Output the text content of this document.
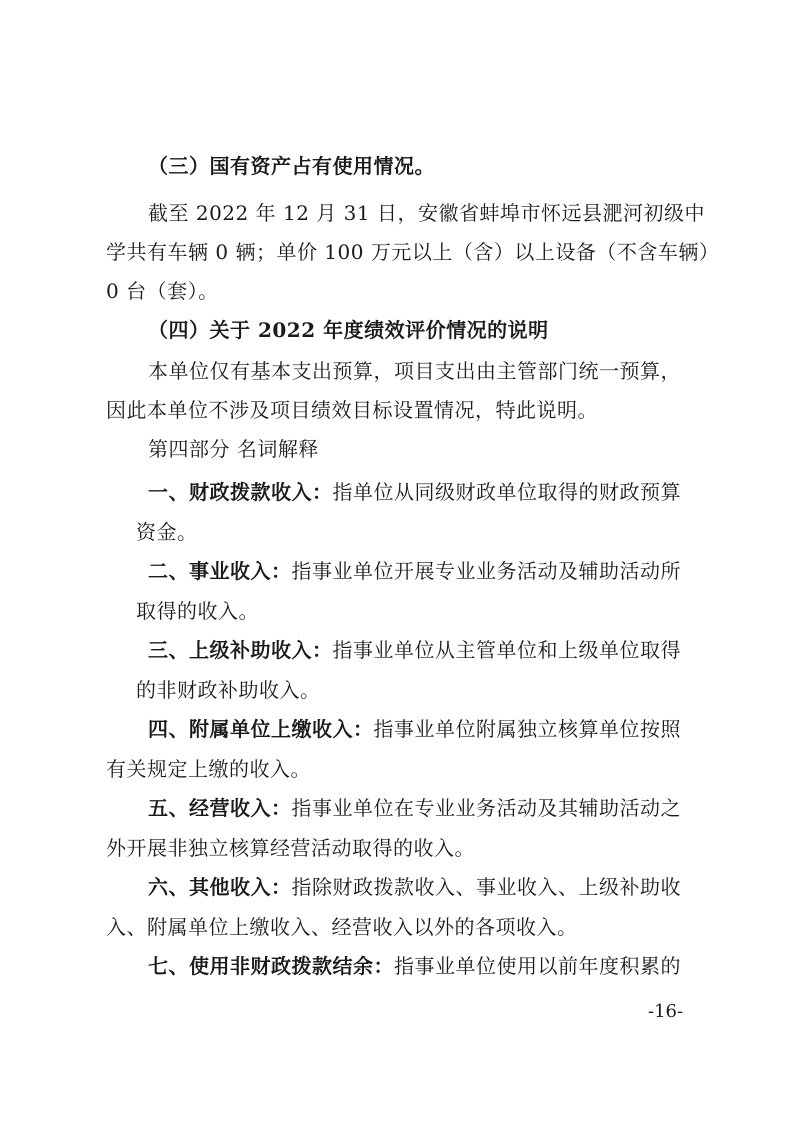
（三）国有资产占有使用情况。
截至 2022 年 12 月 31 日，安徽省蚌埠市怀远县淝河初级中
学共有车辆 0 辆；单价 100 万元以上（含）以上设备（不含车辆）
0 台（套）。
（四）关于 2022 年度绩效评价情况的说明
本单位仅有基本支出预算，项目支出由主管部门统一预算，
因此本单位不涉及项目绩效目标设置情况，特此说明。
第四部分 名词解释
一、财政拨款收入：指单位从同级财政单位取得的财政预算
资金。
二、事业收入：指事业单位开展专业业务活动及辅助活动所
取得的收入。
三、上级补助收入：指事业单位从主管单位和上级单位取得
的非财政补助收入。
四、附属单位上缴收入：指事业单位附属独立核算单位按照
有关规定上缴的收入。
五、经营收入：指事业单位在专业业务活动及其辅助活动之
外开展非独立核算经营活动取得的收入。
六、其他收入：指除财政拨款收入、事业收入、上级补助收
入、附属单位上缴收入、经营收入以外的各项收入。
七、使用非财政拨款结余：指事业单位使用以前年度积累的
-16-
